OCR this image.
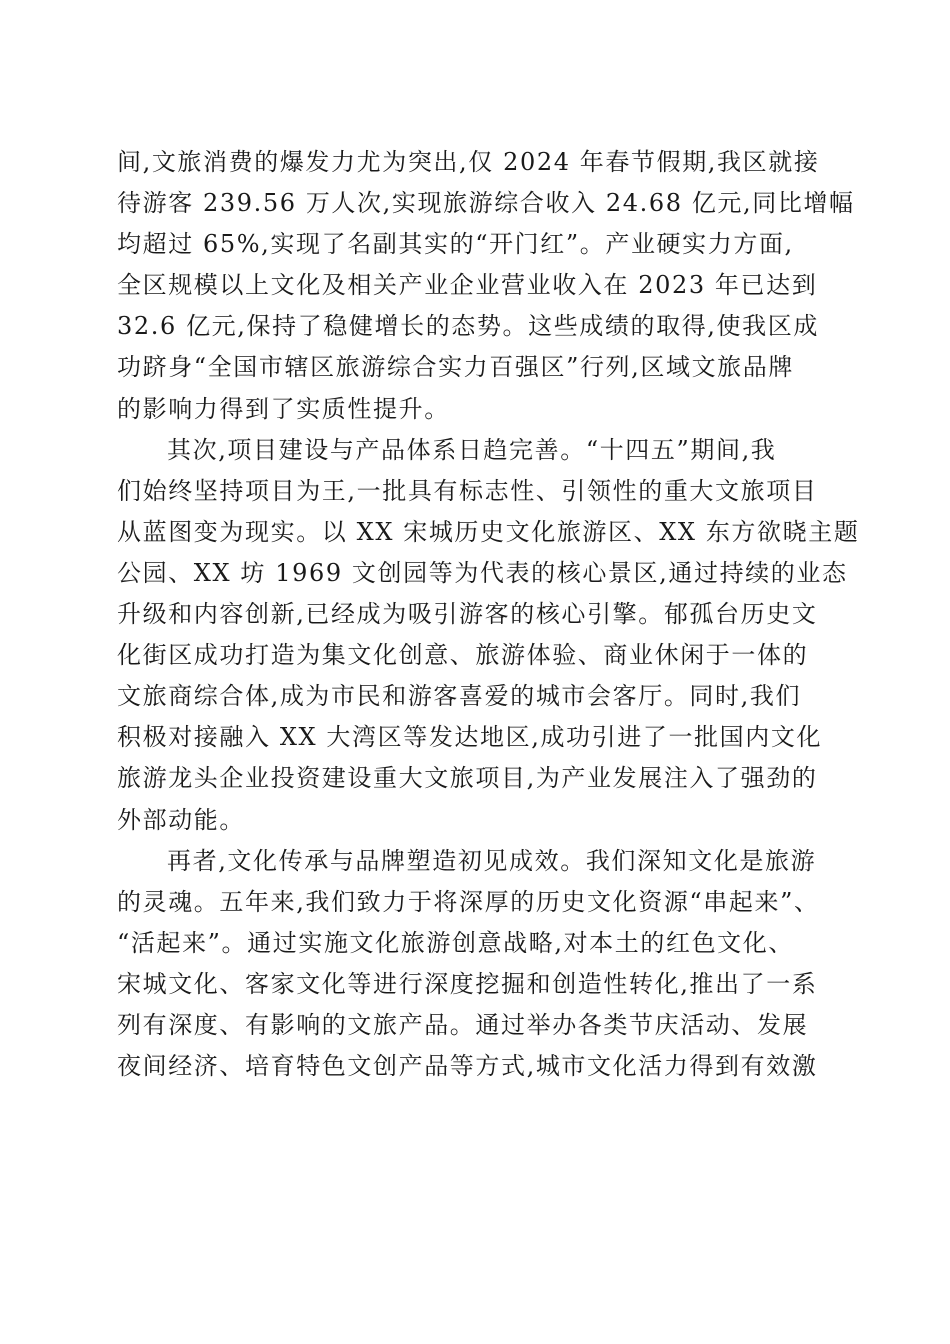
间,文旅消费的爆发力尤为突出,仅 2024 年春节假期,我区就接
待游客 239.56 万人次,实现旅游综合收入 24.68 亿元,同比增幅
均超过 65%,实现了名副其实的“开门红”。产业硬实力方面,
全区规模以上文化及相关产业企业营业收入在 2023 年已达到
32.6 亿元,保持了稳健增长的态势。这些成绩的取得,使我区成
功跻身“全国市辖区旅游综合实力百强区”行列,区域文旅品牌
的影响力得到了实质性提升。
其次,项目建设与产品体系日趋完善。“十四五”期间,我
们始终坚持项目为王,一批具有标志性、引领性的重大文旅项目
从蓝图变为现实。以 XX 宋城历史文化旅游区、XX 东方欲晓主题
公园、XX 坊 1969 文创园等为代表的核心景区,通过持续的业态
升级和内容创新,已经成为吸引游客的核心引擎。郁孤台历史文
化街区成功打造为集文化创意、旅游体验、商业休闲于一体的
文旅商综合体,成为市民和游客喜爱的城市会客厅。同时,我们
积极对接融入 XX 大湾区等发达地区,成功引进了一批国内文化
旅游龙头企业投资建设重大文旅项目,为产业发展注入了强劲的
外部动能。
再者,文化传承与品牌塑造初见成效。我们深知文化是旅游
的灵魂。五年来,我们致力于将深厚的历史文化资源“串起来”、
“活起来”。通过实施文化旅游创意战略,对本土的红色文化、
宋城文化、客家文化等进行深度挖掘和创造性转化,推出了一系
列有深度、有影响的文旅产品。通过举办各类节庆活动、发展
夜间经济、培育特色文创产品等方式,城市文化活力得到有效激
